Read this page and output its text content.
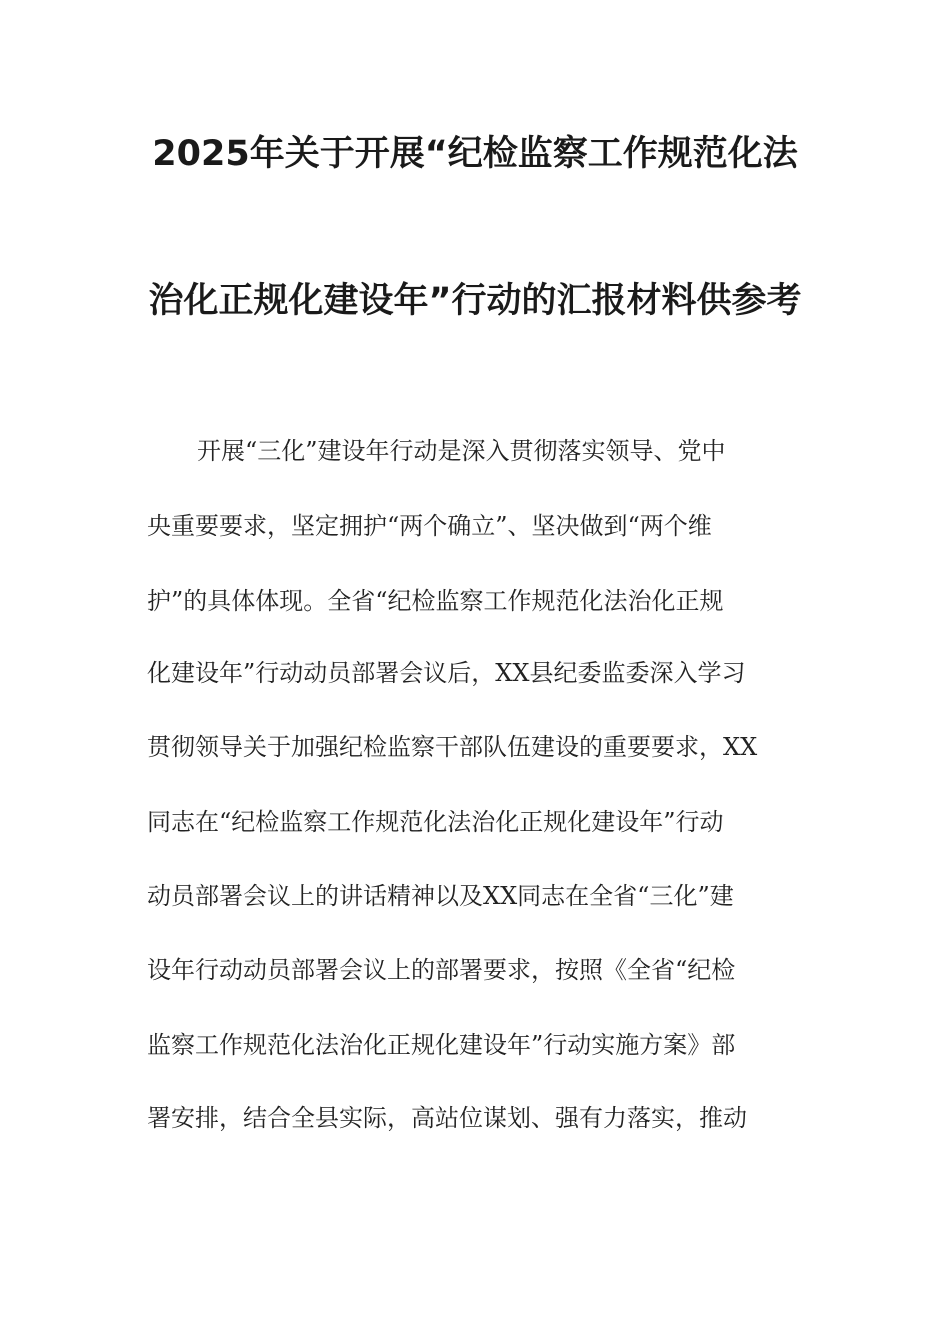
2025年关于开展“纪检监察工作规范化法
治化正规化建设年”行动的汇报材料供参考
开展“三化”建设年行动是深入贯彻落实领导、党中
央重要要求，坚定拥护“两个确立”、坚决做到“两个维
护”的具体体现。全省“纪检监察工作规范化法治化正规
化建设年”行动动员部署会议后，XX县纪委监委深入学习
贯彻领导关于加强纪检监察干部队伍建设的重要要求，XX
同志在“纪检监察工作规范化法治化正规化建设年”行动
动员部署会议上的讲话精神以及XX同志在全省“三化”建
设年行动动员部署会议上的部署要求，按照《全省“纪检
监察工作规范化法治化正规化建设年”行动实施方案》部
署安排，结合全县实际，高站位谋划、强有力落实，推动
